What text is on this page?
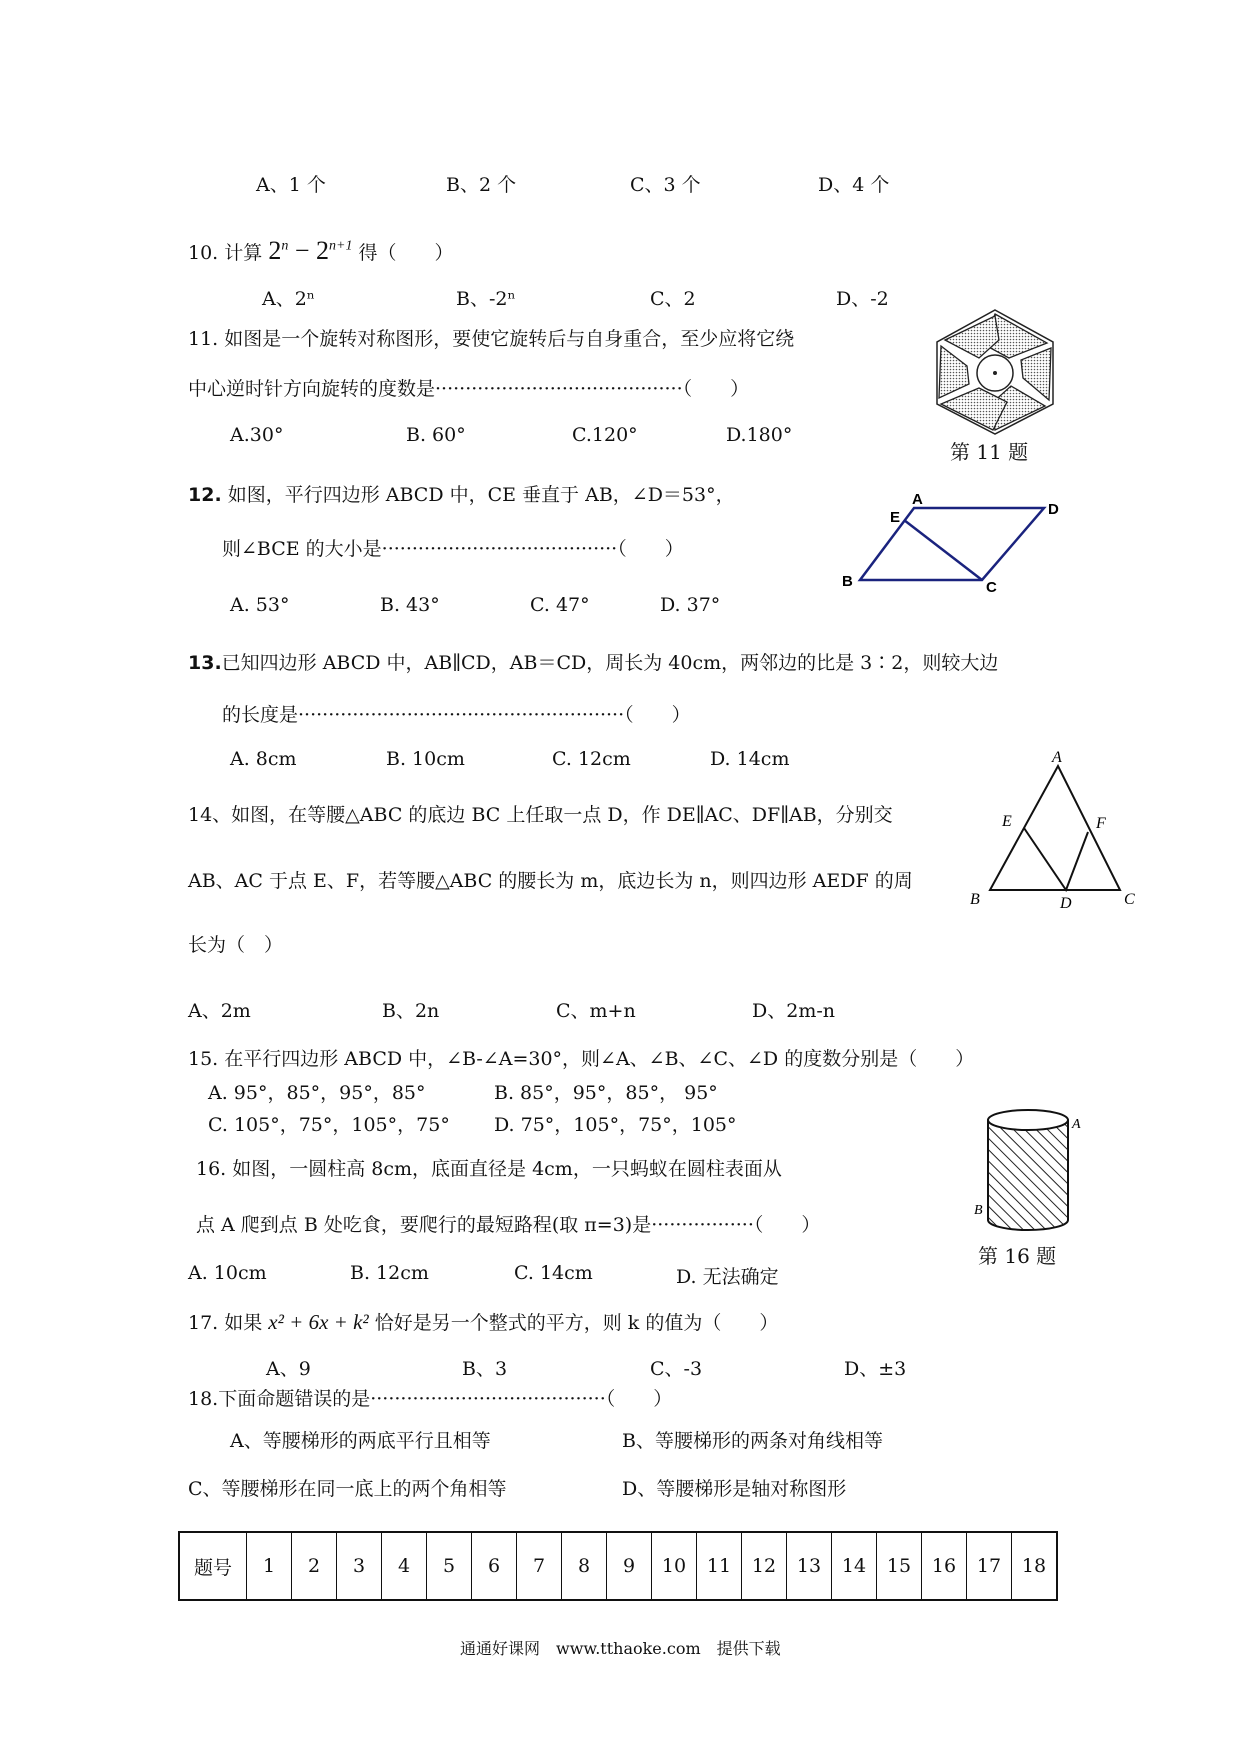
A、1 个	B、2 个	C、3 个	D、4 个
10. 计算 $2^n - 2^{n+1}$ 得（　　）
A、2ⁿ	B、-2ⁿ	C、2	D、-2
11. 如图是一个旋转对称图形，要使它旋转后与自身重合，至少应将它绕
中心逆时针方向旋转的度数是·········································（　　）
A.30°	B. 60°	C.120°	D.180°
第 11 题
12. 如图，平行四边形 ABCD 中，CE 垂直于 AB，∠D＝53°，
则∠BCE 的大小是·······································（　　）
A. 53°	B. 43°	C. 47°	D. 37°
A
D
E
B	C
13.已知四边形 ABCD 中，AB∥CD，AB＝CD，周长为 40cm，两邻边的比是 3∶2，则较大边
的长度是······················································（　　）
A. 8cm	B. 10cm	C. 12cm	D. 14cm
14、如图，在等腰△ABC 的底边 BC 上任取一点 D，作 DE∥AC、DF∥AB，分别交
AB、AC 于点 E、F，若等腰△ABC 的腰长为 m，底边长为 n，则四边形 AEDF 的周
长为（　）
A、2m	B、2n	C、m+n	D、2m-n
A
E	F
B	D	C
15. 在平行四边形 ABCD 中，∠B-∠A=30°，则∠A、∠B、∠C、∠D 的度数分别是（　　）
A. 95°，85°，95°，85°	B. 85°，95°，85°， 95°
C. 105°，75°，105°，75° D. 75°，105°，75°，105°
16. 如图，一圆柱高 8cm，底面直径是 4cm，一只蚂蚁在圆柱表面从
点 A 爬到点 B 处吃食，要爬行的最短路程(取 π=3)是·················（　　）
A. 10cm	B. 12cm	C. 14cm	D. 无法确定
A
B
第 16 题
17. 如果 x² + 6x + k² 恰好是另一个整式的平方，则 k 的值为（　　）
A、9	B、3	C、-3	D、±3
18.下面命题错误的是·······································（　　）
A、等腰梯形的两底平行且相等	B、等腰梯形的两条对角线相等
C、等腰梯形在同一底上的两个角相等	D、等腰梯形是轴对称图形
题号	1	2	3	4	5	6	7	8	9	10	11	12	13	14	15	16	17	18
通通好课网　www.tthaoke.com　提供下载
